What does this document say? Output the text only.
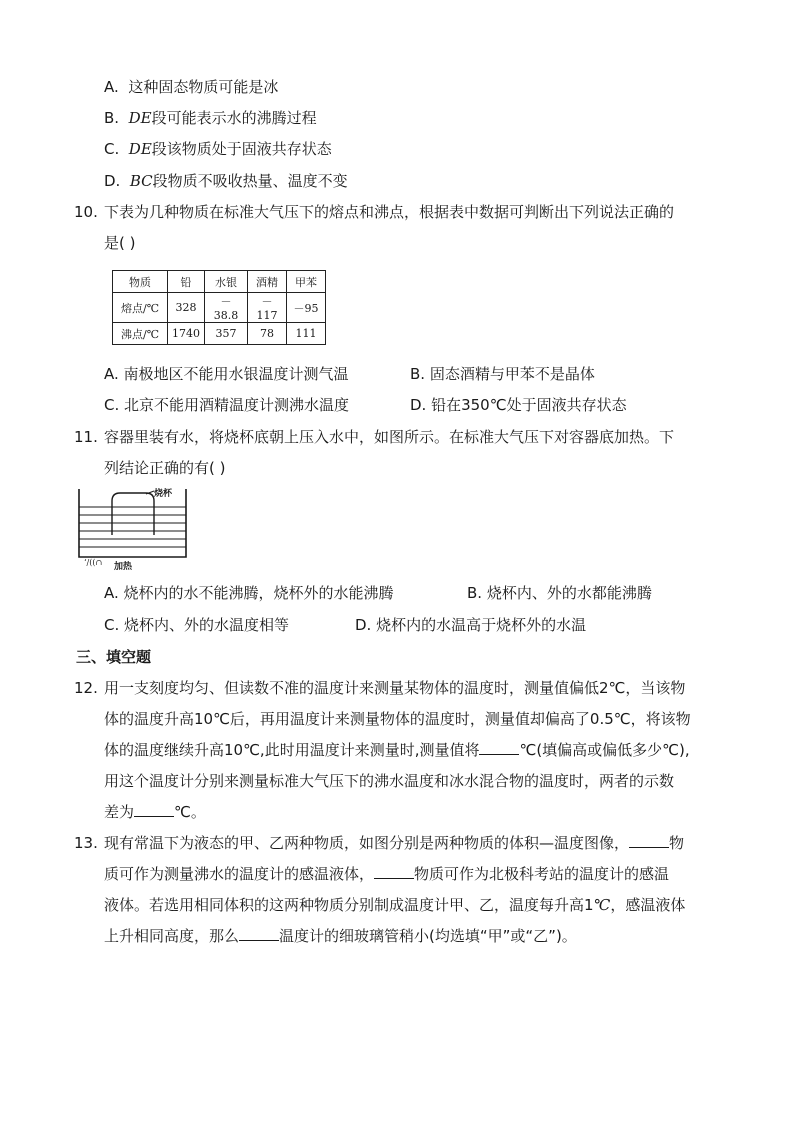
A. 这种固态物质可能是冰
B. DE段可能表示水的沸腾过程
C. DE段该物质处于固液共存状态
D. BC段物质不吸收热量、温度不变
10. 下表为几种物质在标准大气压下的熔点和沸点，根据表中数据可判断出下列说法正确的
是( )
物质	铅	水银	酒精	甲苯
熔点/℃	328	－38.8	－117	－95
沸点/℃	1740	357	78	111
A. 南极地区不能用水银温度计测气温	B. 固态酒精与甲苯不是晶体
C. 北京不能用酒精温度计测沸水温度	D. 铅在350℃处于固液共存状态
11. 容器里装有水，将烧杯底朝上压入水中，如图所示。在标准大气压下对容器底加热。下
列结论正确的有( )
烧杯
ʻ/((∩ 加热
A. 烧杯内的水不能沸腾，烧杯外的水能沸腾	B. 烧杯内、外的水都能沸腾
C. 烧杯内、外的水温度相等	D. 烧杯内的水温高于烧杯外的水温
三、填空题
12. 用一支刻度均匀、但读数不准的温度计来测量某物体的温度时，测量值偏低2℃，当该物
体的温度升高10℃后，再用温度计来测量物体的温度时，测量值却偏高了0.5℃，将该物
体的温度继续升高10℃,此时用温度计来测量时,测量值将	℃(填偏高或偏低多少℃),
用这个温度计分别来测量标准大气压下的沸水温度和冰水混合物的温度时，两者的示数
差为	℃。
13. 现有常温下为液态的甲、乙两种物质，如图分别是两种物质的体积—温度图像，	物
质可作为测量沸水的温度计的感温液体，	物质可作为北极科考站的温度计的感温
液体。若选用相同体积的这两种物质分别制成温度计甲、乙，温度每升高1℃，感温液体
上升相同高度，那么	温度计的细玻璃管稍小(均选填“甲”或“乙”)。
